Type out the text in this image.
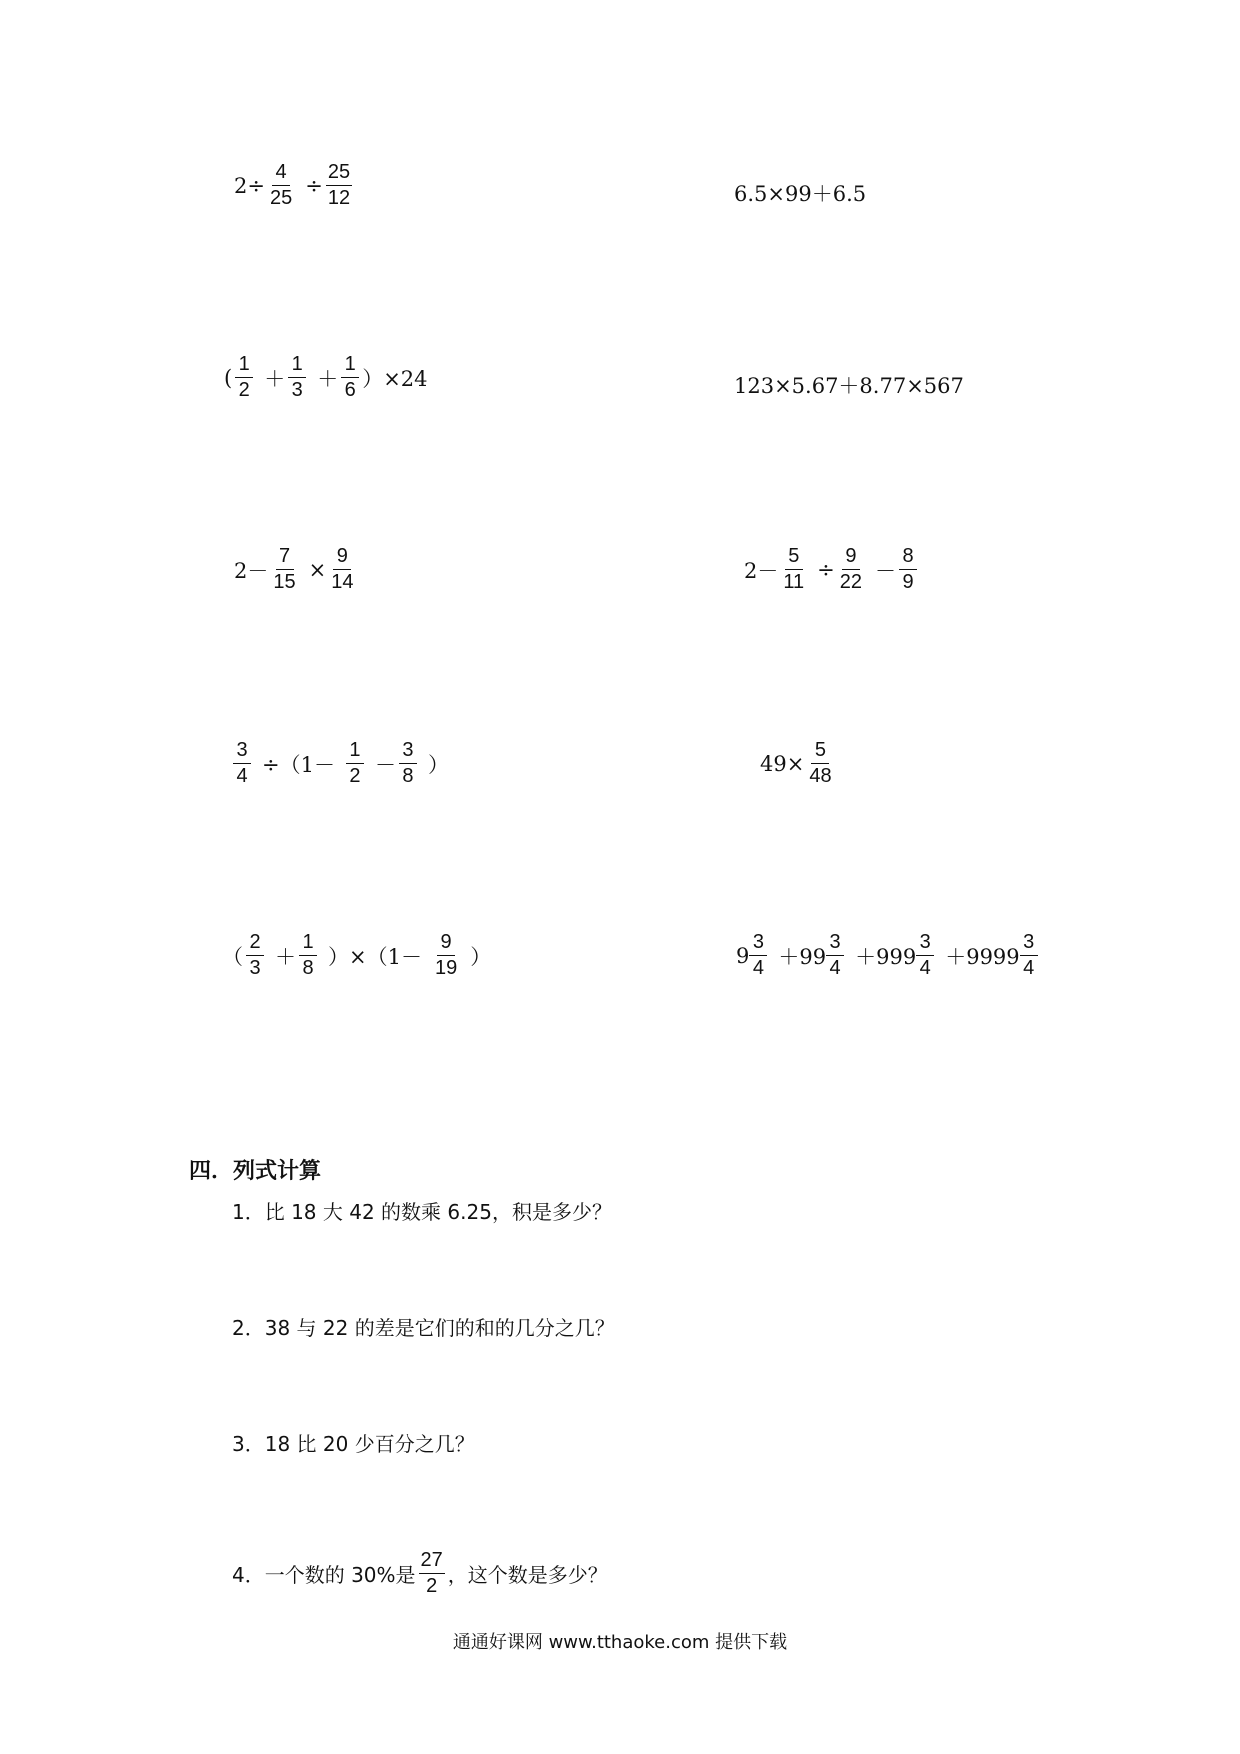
$2\div \frac{4}{25} \div \frac{25}{12}$	6.5×99＋6.5
( $\frac{1}{2} + \frac{1}{3} + \frac{1}{6} )\times 24$	123×5.67＋8.77×567
$2- \frac{7}{15} \times \frac{9}{14}$	$2- \frac{5}{11} \div \frac{9}{22} - \frac{8}{9}$
$\frac{3}{4} \div(1- \frac{1}{2} - \frac{3}{8}$ ）	$49\times \frac{5}{48}$
（ $\frac{2}{3} + \frac{1}{8} )\times(1- \frac{9}{19}$ ）	$9 \frac{3}{4} +99 \frac{3}{4} +999 \frac{3}{4} +9999 \frac{3}{4}$
四．列式计算
1．比 18 大 42 的数乘 6.25，积是多少？
2．38 与 22 的差是它们的和的几分之几？
3．18 比 20 少百分之几？
4．一个数的 30%是 $\frac{27}{2}$ ，这个数是多少？
通通好课网 www.tthaoke.com 提供下载
